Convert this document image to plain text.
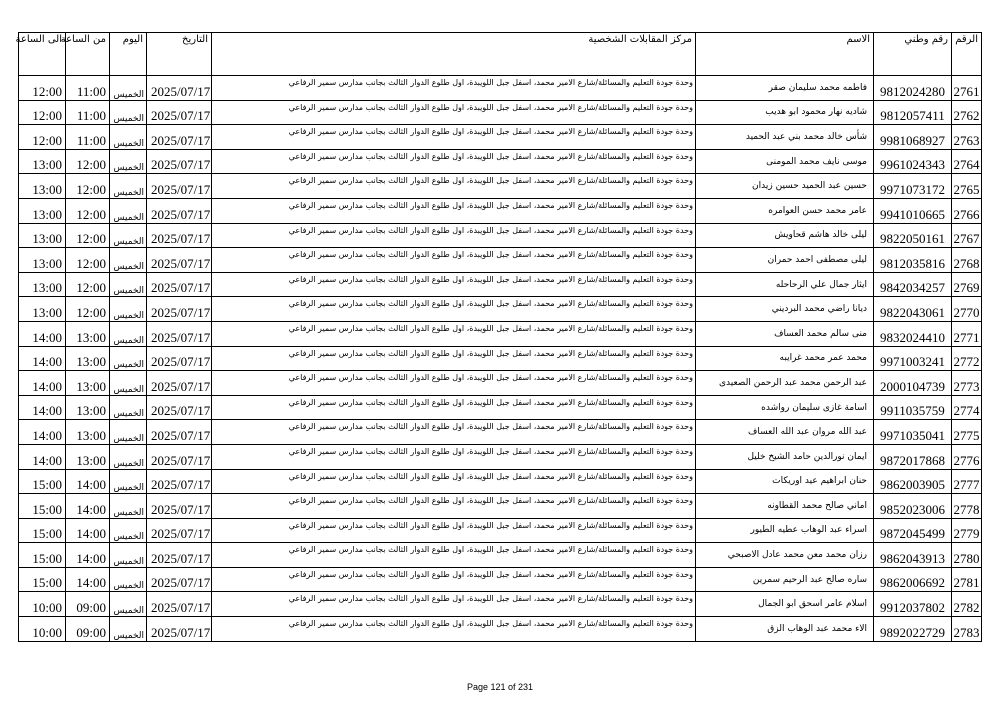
الرقم	رقم وطني	الاسم	مركز المقابلات الشخصية	التاريخ	اليوم	من الساعة	الى الساعة
2761	9812024280	فاطمه محمد سليمان صقر	وحدة جودة التعليم والمسائلة/شارع الامير محمد، اسفل جبل اللويبدة، اول طلوع الدوار الثالث بجانب مدارس سمير الرفاعي	2025/07/17	الخميس	11:00	12:00
2762	9812057411	شاديه نهار محمود ابو هديب	وحدة جودة التعليم والمسائلة/شارع الامير محمد، اسفل جبل اللويبدة، اول طلوع الدوار الثالث بجانب مدارس سمير الرفاعي	2025/07/17	الخميس	11:00	12:00
2763	9981068927	شأس خالد محمد بني عبد الحميد	وحدة جودة التعليم والمسائلة/شارع الامير محمد، اسفل جبل اللويبدة، اول طلوع الدوار الثالث بجانب مدارس سمير الرفاعي	2025/07/17	الخميس	11:00	12:00
2764	9961024343	موسى نايف محمد المومنى	وحدة جودة التعليم والمسائلة/شارع الامير محمد، اسفل جبل اللويبدة، اول طلوع الدوار الثالث بجانب مدارس سمير الرفاعي	2025/07/17	الخميس	12:00	13:00
2765	9971073172	حسين عبد الحميد حسين زيدان	وحدة جودة التعليم والمسائلة/شارع الامير محمد، اسفل جبل اللويبدة، اول طلوع الدوار الثالث بجانب مدارس سمير الرفاعي	2025/07/17	الخميس	12:00	13:00
2766	9941010665	عامر محمد حسن العوامره	وحدة جودة التعليم والمسائلة/شارع الامير محمد، اسفل جبل اللويبدة، اول طلوع الدوار الثالث بجانب مدارس سمير الرفاعي	2025/07/17	الخميس	12:00	13:00
2767	9822050161	ليلى خالد هاشم قحاويش	وحدة جودة التعليم والمسائلة/شارع الامير محمد، اسفل جبل اللويبدة، اول طلوع الدوار الثالث بجانب مدارس سمير الرفاعي	2025/07/17	الخميس	12:00	13:00
2768	9812035816	ليلى مصطفى احمد حمران	وحدة جودة التعليم والمسائلة/شارع الامير محمد، اسفل جبل اللويبدة، اول طلوع الدوار الثالث بجانب مدارس سمير الرفاعي	2025/07/17	الخميس	12:00	13:00
2769	9842034257	ايثار جمال علي الرحاحله	وحدة جودة التعليم والمسائلة/شارع الامير محمد، اسفل جبل اللويبدة، اول طلوع الدوار الثالث بجانب مدارس سمير الرفاعي	2025/07/17	الخميس	12:00	13:00
2770	9822043061	ديانا راضي محمد البرديني	وحدة جودة التعليم والمسائلة/شارع الامير محمد، اسفل جبل اللويبدة، اول طلوع الدوار الثالث بجانب مدارس سمير الرفاعي	2025/07/17	الخميس	12:00	13:00
2771	9832024410	منى سالم محمد العساف	وحدة جودة التعليم والمسائلة/شارع الامير محمد، اسفل جبل اللويبدة، اول طلوع الدوار الثالث بجانب مدارس سمير الرفاعي	2025/07/17	الخميس	13:00	14:00
2772	9971003241	محمد عمر محمد غرايبه	وحدة جودة التعليم والمسائلة/شارع الامير محمد، اسفل جبل اللويبدة، اول طلوع الدوار الثالث بجانب مدارس سمير الرفاعي	2025/07/17	الخميس	13:00	14:00
2773	2000104739	عبد الرحمن محمد عبد الرحمن الصعيدى	وحدة جودة التعليم والمسائلة/شارع الامير محمد، اسفل جبل اللويبدة، اول طلوع الدوار الثالث بجانب مدارس سمير الرفاعي	2025/07/17	الخميس	13:00	14:00
2774	9911035759	اسامة غازى سليمان رواشده	وحدة جودة التعليم والمسائلة/شارع الامير محمد، اسفل جبل اللويبدة، اول طلوع الدوار الثالث بجانب مدارس سمير الرفاعي	2025/07/17	الخميس	13:00	14:00
2775	9971035041	عبد الله مروان عبد الله العساف	وحدة جودة التعليم والمسائلة/شارع الامير محمد، اسفل جبل اللويبدة، اول طلوع الدوار الثالث بجانب مدارس سمير الرفاعي	2025/07/17	الخميس	13:00	14:00
2776	9872017868	ايمان نورالدين حامد الشيخ خليل	وحدة جودة التعليم والمسائلة/شارع الامير محمد، اسفل جبل اللويبدة، اول طلوع الدوار الثالث بجانب مدارس سمير الرفاعي	2025/07/17	الخميس	13:00	14:00
2777	9862003905	حنان ابراهيم عيد اوريكات	وحدة جودة التعليم والمسائلة/شارع الامير محمد، اسفل جبل اللويبدة، اول طلوع الدوار الثالث بجانب مدارس سمير الرفاعي	2025/07/17	الخميس	14:00	15:00
2778	9852023006	اماني صالح محمد القطاونه	وحدة جودة التعليم والمسائلة/شارع الامير محمد، اسفل جبل اللويبدة، اول طلوع الدوار الثالث بجانب مدارس سمير الرفاعي	2025/07/17	الخميس	14:00	15:00
2779	9872045499	اسراء عبد الوهاب عطيه الطيور	وحدة جودة التعليم والمسائلة/شارع الامير محمد، اسفل جبل اللويبدة، اول طلوع الدوار الثالث بجانب مدارس سمير الرفاعي	2025/07/17	الخميس	14:00	15:00
2780	9862043913	رزان محمد معن محمد عادل الاصبحي	وحدة جودة التعليم والمسائلة/شارع الامير محمد، اسفل جبل اللويبدة، اول طلوع الدوار الثالث بجانب مدارس سمير الرفاعي	2025/07/17	الخميس	14:00	15:00
2781	9862006692	ساره صالح عبد الرحيم سمرين	وحدة جودة التعليم والمسائلة/شارع الامير محمد، اسفل جبل اللويبدة، اول طلوع الدوار الثالث بجانب مدارس سمير الرفاعي	2025/07/17	الخميس	14:00	15:00
2782	9912037802	اسلام عامر اسحق ابو الجمال	وحدة جودة التعليم والمسائلة/شارع الامير محمد، اسفل جبل اللويبدة، اول طلوع الدوار الثالث بجانب مدارس سمير الرفاعي	2025/07/17	الخميس	09:00	10:00
2783	9892022729	الاء محمد عبد الوهاب الزق	وحدة جودة التعليم والمسائلة/شارع الامير محمد، اسفل جبل اللويبدة، اول طلوع الدوار الثالث بجانب مدارس سمير الرفاعي	2025/07/17	الخميس	09:00	10:00
Page 121 of 231
